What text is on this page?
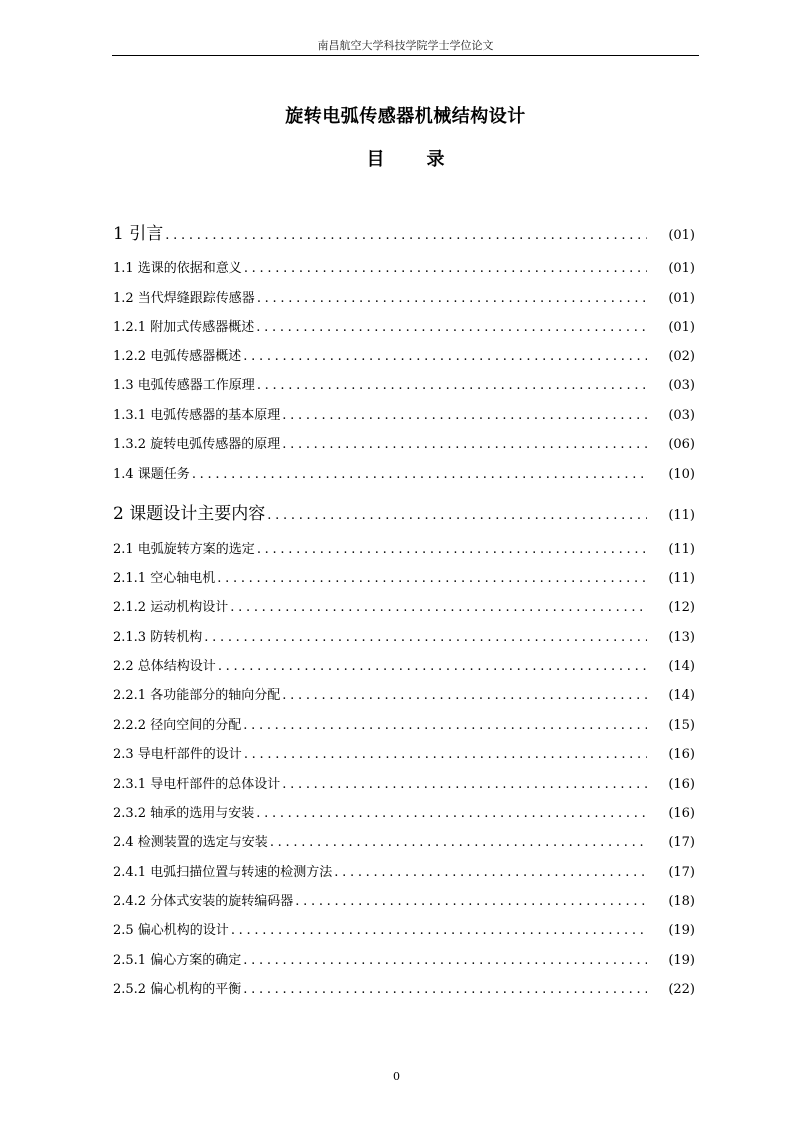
南昌航空大学科技学院学士学位论文
旋转电弧传感器机械结构设计
目 录
1 引言 . . .	(01)
1.1 选课的依据和意义 . . .	(01)
1.2 当代焊缝跟踪传感器 . . .	(01)
1.2.1 附加式传感器概述 . . .	(01)
1.2.2 电弧传感器概述 . . .	(02)
1.3 电弧传感器工作原理 . . .	(03)
1.3.1 电弧传感器的基本原理 . . .	(03)
1.3.2 旋转电弧传感器的原理 . . .	(06)
1.4 课题任务 . . .	(10)
2 课题设计主要内容 . . .	(11)
2.1 电弧旋转方案的选定 . . .	(11)
2.1.1 空心轴电机 . . .	(11)
2.1.2 运动机构设计 . . .	(12)
2.1.3 防转机构 . . .	(13)
2.2 总体结构设计 . . .	(14)
2.2.1 各功能部分的轴向分配 . . .	(14)
2.2.2 径向空间的分配 . . .	(15)
2.3 导电杆部件的设计 . . .	(16)
2.3.1 导电杆部件的总体设计 . . .	(16)
2.3.2 轴承的选用与安装 . . .	(16)
2.4 检测装置的选定与安装 . . .	(17)
2.4.1 电弧扫描位置与转速的检测方法 . . .	(17)
2.4.2 分体式安装的旋转编码器 . . .	(18)
2.5 偏心机构的设计 . . .	(19)
2.5.1 偏心方案的确定 . . .	(19)
2.5.2 偏心机构的平衡 . . .	(22)
0
